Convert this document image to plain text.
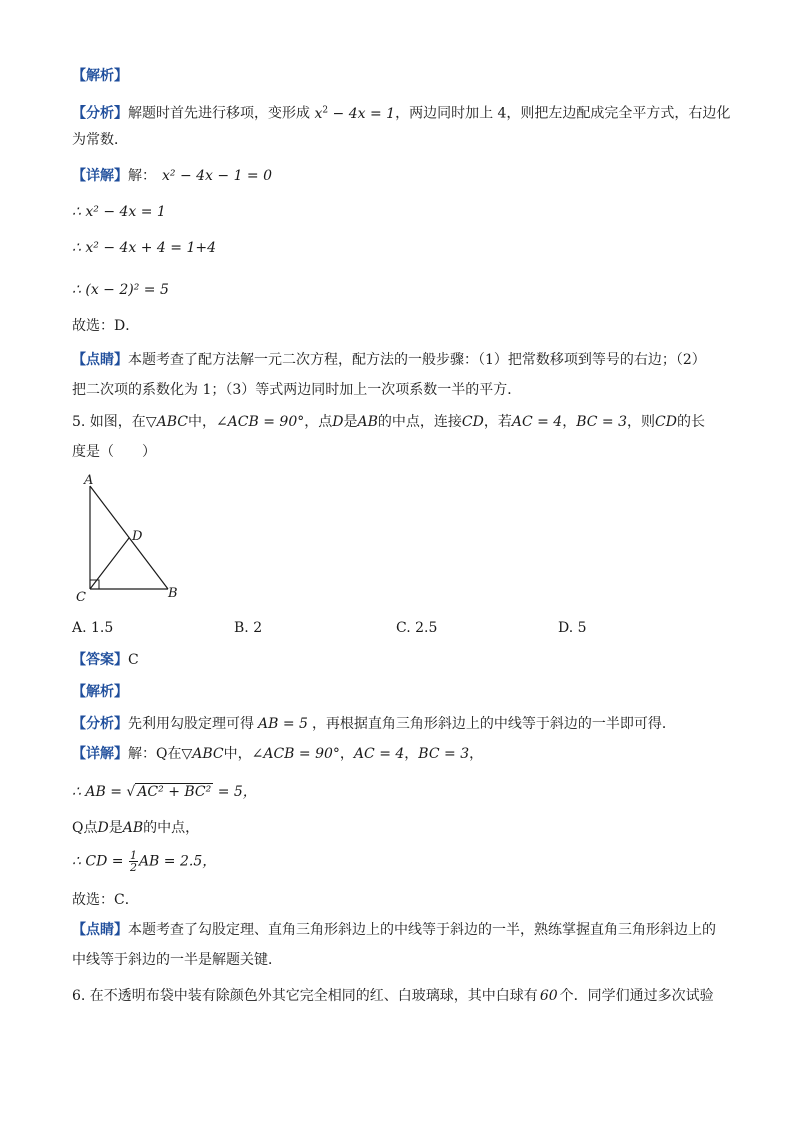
【解析】
【分析】解题时首先进行移项，变形成 $x^2 - 4x = 1$，两边同时加上 4，则把左边配成完全平方式，右边化
为常数．
【详解】解： x² − 4x − 1 = 0
∴ x² − 4x = 1
∴ x² − 4x + 4 = 1+4
∴ (x − 2)² = 5
故选：D．
【点睛】本题考查了配方法解一元二次方程，配方法的一般步骤：（1）把常数移项到等号的右边；（2）
把二次项的系数化为 1；（3）等式两边同时加上一次项系数一半的平方．
5. 如图，在▽ABC中，∠ACB = 90°，点D是AB的中点，连接CD，若AC = 4，BC = 3，则CD的长
度是（　　）
A
D
C	B
A. 1.5	B. 2	C. 2.5	D. 5
【答案】C
【解析】
【分析】先利用勾股定理可得 AB = 5 ，再根据直角三角形斜边上的中线等于斜边的一半即可得．
【详解】解：Q在▽ABC中，∠ACB = 90°，AC = 4，BC = 3，
∴ AB = √ AC² + BC² = 5，
Q点D是AB的中点，
∴ CD = $\frac{1}{2}$ AB = 2.5，
故选：C．
【点睛】本题考查了勾股定理、直角三角形斜边上的中线等于斜边的一半，熟练掌握直角三角形斜边上的
中线等于斜边的一半是解题关键．
6. 在不透明布袋中装有除颜色外其它完全相同的红、白玻璃球，其中白球有 60 个．同学们通过多次试验
